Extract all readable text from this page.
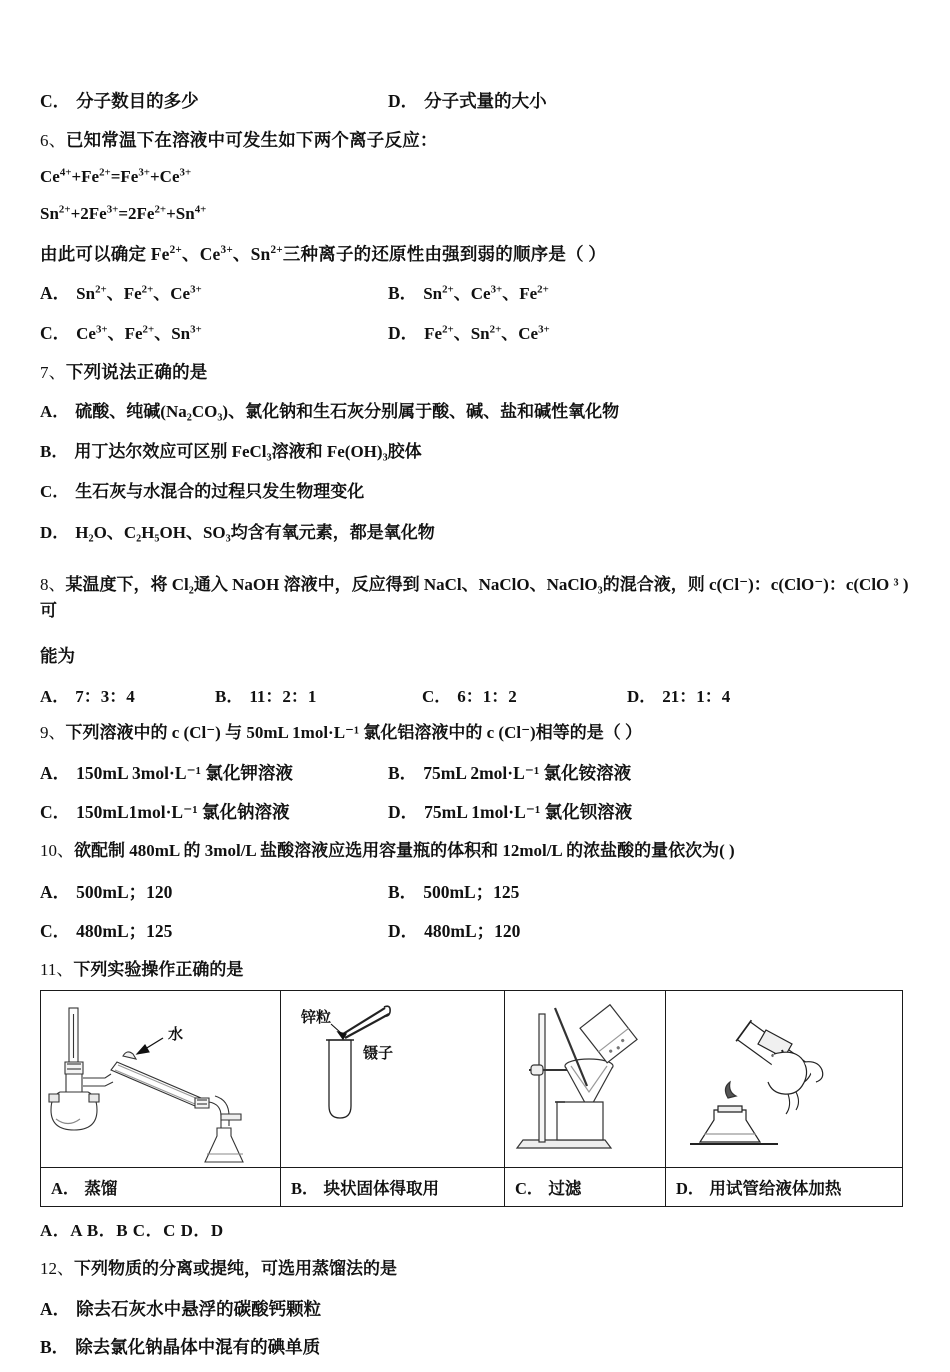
C． 分子数目的多少	D． 分子式量的大小
6、已知常温下在溶液中可发生如下两个离子反应：
$Ce^{4+}+Fe^{2+}=Fe^{3+}+Ce^{3+}$
$Sn^{2+}+2Fe^{3+}=2Fe^{2+}+Sn^{4+}$
由此可以确定 $Fe^{2+}$、$Ce^{3+}$、$Sn^{2+}$三种离子的还原性由强到弱的顺序是（ ）
A． $Sn^{2+}$、$Fe^{2+}$、$Ce^{3+}$	B． $Sn^{2+}$、$Ce^{3+}$、$Fe^{2+}$
C． $Ce^{3+}$、$Fe^{2+}$、$Sn^{3+}$	D． $Fe^{2+}$、$Sn^{2+}$、$Ce^{3+}$
7、下列说法正确的是
A． 硫酸、纯碱(Na₂CO₃)、氯化钠和生石灰分别属于酸、碱、盐和碱性氧化物
B． 用丁达尔效应可区别 FeCl₃溶液和 Fe(OH)₃胶体
C． 生石灰与水混合的过程只发生物理变化
D． H₂O、C₂H₅OH、SO₃均含有氧元素，都是氧化物
8、某温度下，将 Cl₂通入 NaOH 溶液中，反应得到 NaCl、NaClO、NaClO₃的混合液，则 c(Cl⁻)：c(ClO⁻)：c(ClO ³ )可
能为
A． 7：3：4	B． 11：2：1	C． 6：1：2	D． 21：1：4
9、下列溶液中的 c (Cl⁻) 与 50mL 1mol·L⁻¹ 氯化铝溶液中的 c (Cl⁻)相等的是（ ）
A． 150mL 3mol·L⁻¹ 氯化钾溶液	B． 75mL 2mol·L⁻¹ 氯化铵溶液
C． 150mL1mol·L⁻¹ 氯化钠溶液	D． 75mL 1mol·L⁻¹ 氯化钡溶液
10、欲配制 480mL 的 3mol/L 盐酸溶液应选用容量瓶的体积和 12mol/L 的浓盐酸的量依次为( )
A． 500mL；120	B． 500mL；125
C． 480mL；125	D． 480mL；120
11、下列实验操作正确的是
水	锌粒
镊子

A． 蒸馏	B． 块状固体得取用	C． 过滤	D． 用试管给液体加热
A．A B．B C．C D．D
12、下列物质的分离或提纯，可选用蒸馏法的是
A． 除去石灰水中悬浮的碳酸钙颗粒
B． 除去氯化钠晶体中混有的碘单质
